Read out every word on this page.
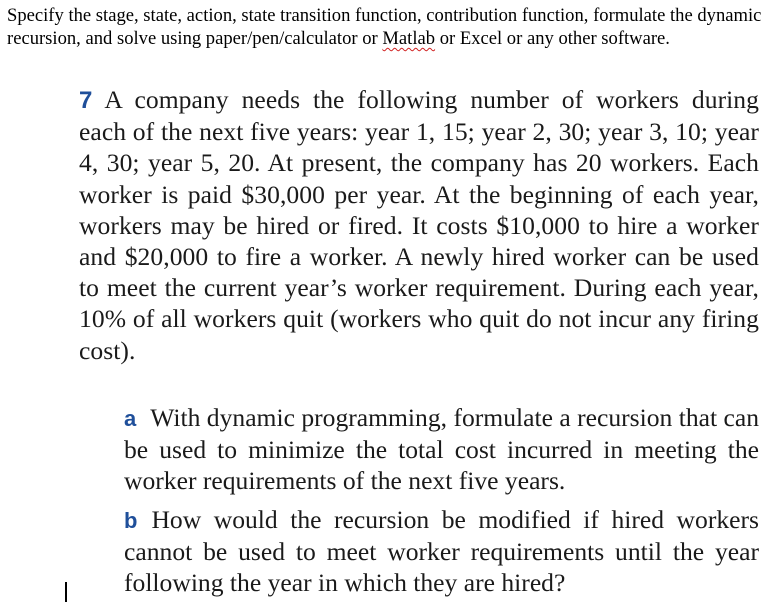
Specify the stage, state, action, state transition function, contribution function, formulate the dynamic recursion, and solve using paper/pen/calculator or Matlab or Excel or any other software.
7 A company needs the following number of workers during each of the next five years: year 1, 15; year 2, 30; year 3, 10; year 4, 30; year 5, 20. At present, the company has 20 workers. Each worker is paid $30,000 per year. At the beginning of each year, workers may be hired or fired. It costs $10,000 to hire a worker and $20,000 to fire a worker. A newly hired worker can be used to meet the current year’s worker requirement. During each year, 10% of all workers quit (workers who quit do not incur any firing cost).

a With dynamic programming, formulate a recursion that can be used to minimize the total cost incurred in meeting the worker requirements of the next five years.

b How would the recursion be modified if hired workers cannot be used to meet worker requirements until the year following the year in which they are hired?
